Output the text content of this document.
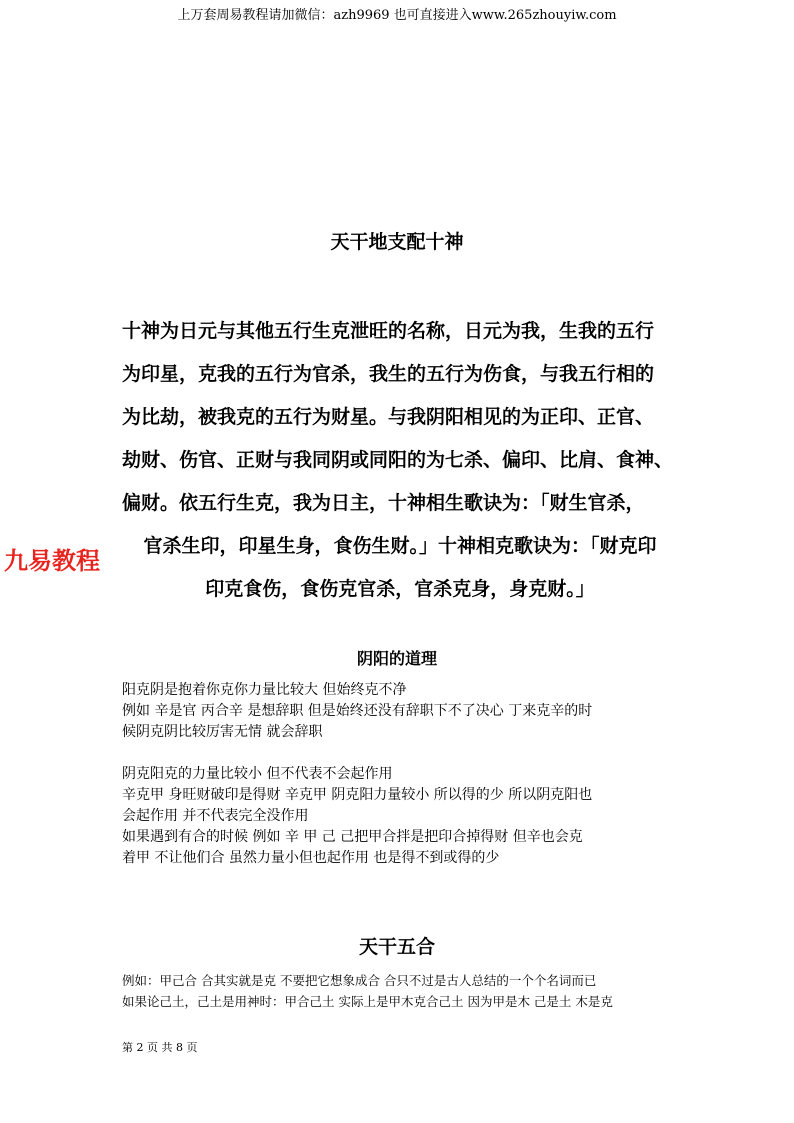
上万套周易教程请加微信：azh9969 也可直接进入www.265zhouyiw.com
天干地支配十神
十神为日元与其他五行生克泄旺的名称，日元为我，生我的五行
为印星，克我的五行为官杀，我生的五行为伤食，与我五行相的
为比劫，被我克的五行为财星。与我阴阳相见的为正印、正官、
劫财、伤官、正财与我同阴或同阳的为七杀、偏印、比肩、食神、
偏财。依五行生克，我为日主，十神相生歌诀为：「财生官杀，
官杀生印，印星生身，食伤生财。」十神相克歌诀为：「财克印
印克食伤，食伤克官杀，官杀克身，身克财。」
九易教程
阴阳的道理
阳克阴是抱着你克你力量比较大 但始终克不净
例如 辛是官 丙合辛 是想辞职 但是始终还没有辞职下不了决心 丁来克辛的时
候阴克阴比较厉害无情 就会辞职
阴克阳克的力量比较小 但不代表不会起作用
辛克甲 身旺财破印是得财 辛克甲 阴克阳力量较小 所以得的少 所以阴克阳也
会起作用 并不代表完全没作用
如果遇到有合的时候 例如 辛 甲 己 己把甲合拌是把印合掉得财 但辛也会克
着甲 不让他们合 虽然力量小但也起作用 也是得不到或得的少
天干五合
例如：甲己合 合其实就是克 不要把它想象成合 合只不过是古人总结的一个个名词而已
如果论己土，己土是用神时：甲合己土 实际上是甲木克合己土 因为甲是木 己是土 木是克
第 2 页 共 8 页
